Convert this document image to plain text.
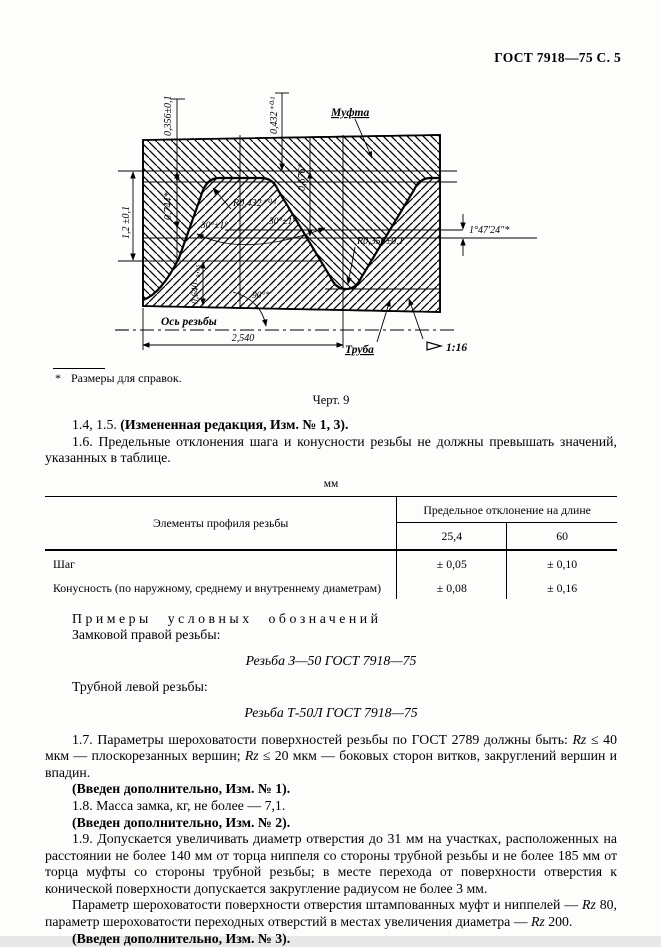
ГОСТ 7918—75 С. 5
0,356±0,1	0,432⁺⁰·¹
0,676*
0,744*
1,2 ±0,1
0,640₋₀‚₀₅
R0,432⁺⁰·¹
R0,356±0,1
30°±1°	30°±1°
90°*
1°47'24"*
2,540
Муфта
Труба
Ось резьбы
1:16
* Размеры для справок.
Черт. 9

1.4, 1.5. (Измененная редакция, Изм. № 1, 3).

1.6. Предельные отклонения шага и конусности резьбы не должны превышать значений, указанных в таблице.

мм
Элементы профиля резьбы	Предельное отклонение на длине	
	25,4	60
Шаг	± 0,05	± 0,10
Конусность (по наружному, среднему и внутреннему диаметрам)	± 0,08	± 0,16

Примеры условных обозначений

Замковой правой резьбы:

Резьба З—50 ГОСТ 7918—75

Трубной левой резьбы:

Резьба Т-50Л ГОСТ 7918—75

1.7. Параметры шероховатости поверхностей резьбы по ГОСТ 2789 должны быть: Rz ≤ 40 мкм — плоскорезанных вершин; Rz ≤ 20 мкм — боковых сторон витков, закруглений вершин и впадин.

(Введен дополнительно, Изм. № 1).

1.8. Масса замка, кг, не более — 7,1.

(Введен дополнительно, Изм. № 2).

1.9. Допускается увеличивать диаметр отверстия до 31 мм на участках, расположенных на расстоянии не более 140 мм от торца ниппеля со стороны трубной резьбы и не более 185 мм от торца муфты со стороны трубной резьбы; в месте перехода от поверхности отверстия к конической поверхности допускается закругление радиусом не более 3 мм.

Параметр шероховатости поверхности отверстия штампованных муфт и ниппелей — Rz 80, параметр шероховатости переходных отверстий в местах увеличения диаметра — Rz 200.

(Введен дополнительно, Изм. № 3).
